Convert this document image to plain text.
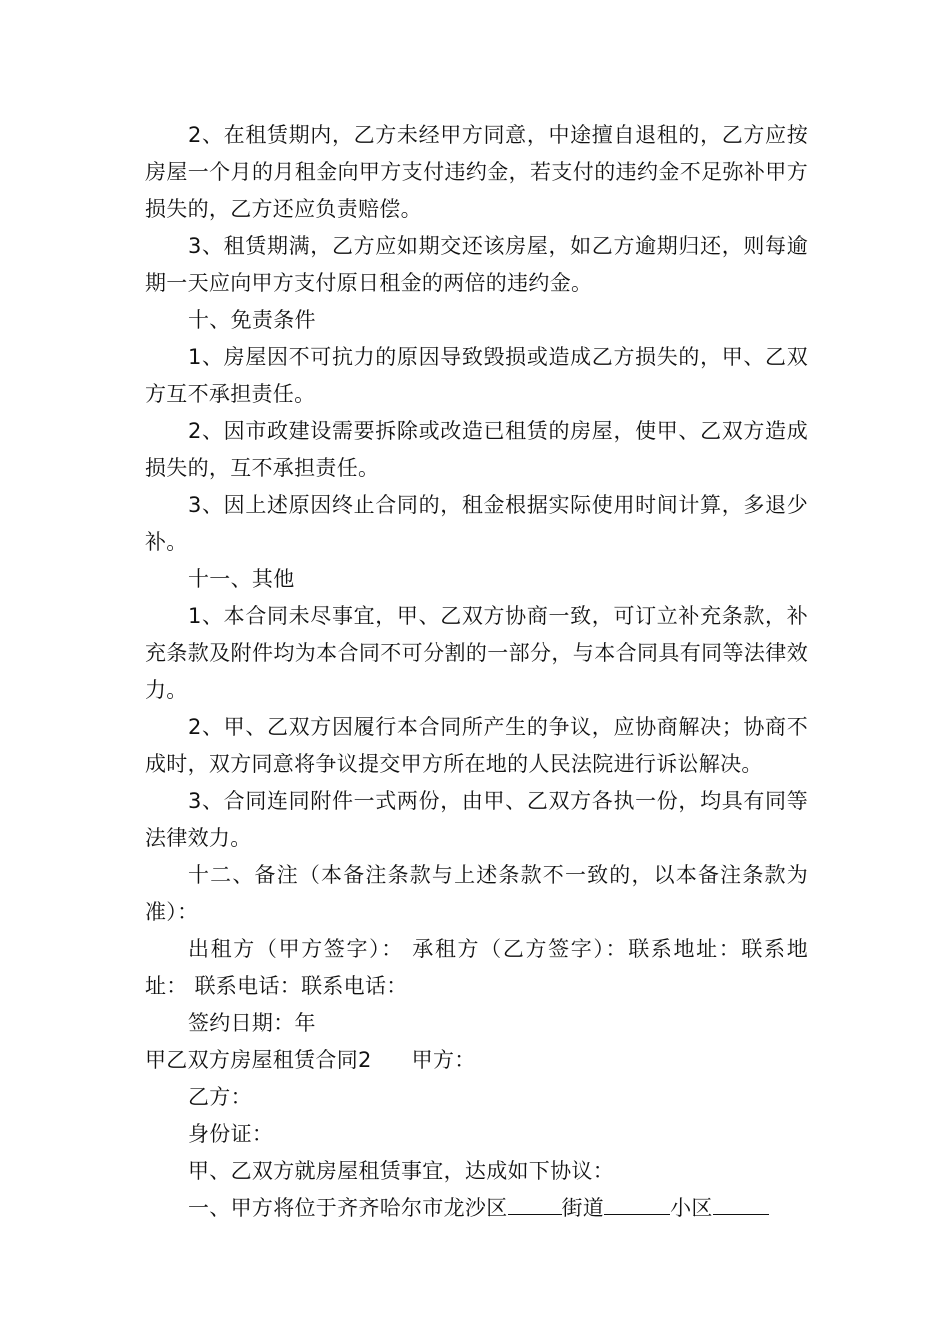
2、在租赁期内，乙方未经甲方同意，中途擅自退租的，乙方应按房屋一个月的月租金向甲方支付违约金，若支付的违约金不足弥补甲方损失的，乙方还应负责赔偿。

3、租赁期满，乙方应如期交还该房屋，如乙方逾期归还，则每逾期一天应向甲方支付原日租金的两倍的违约金。

十、免责条件

1、房屋因不可抗力的原因导致毁损或造成乙方损失的，甲、乙双方互不承担责任。

2、因市政建设需要拆除或改造已租赁的房屋，使甲、乙双方造成损失的，互不承担责任。

3、因上述原因终止合同的，租金根据实际使用时间计算，多退少补。

十一、其他

1、本合同未尽事宜，甲、乙双方协商一致，可订立补充条款，补充条款及附件均为本合同不可分割的一部分，与本合同具有同等法律效力。

2、甲、乙双方因履行本合同所产生的争议，应协商解决；协商不成时，双方同意将争议提交甲方所在地的人民法院进行诉讼解决。

3、合同连同附件一式两份，由甲、乙双方各执一份，均具有同等法律效力。

十二、备注（本备注条款与上述条款不一致的，以本备注条款为准）：

出租方（甲方签字）： 承租方（乙方签字）：联系地址：联系地址： 联系电话：联系电话：

签约日期：年

甲乙双方房屋租赁合同2 甲方：

乙方：

身份证：

甲、乙双方就房屋租赁事宜，达成如下协议：

一、甲方将位于齐齐哈尔市龙沙区	街道	小区
